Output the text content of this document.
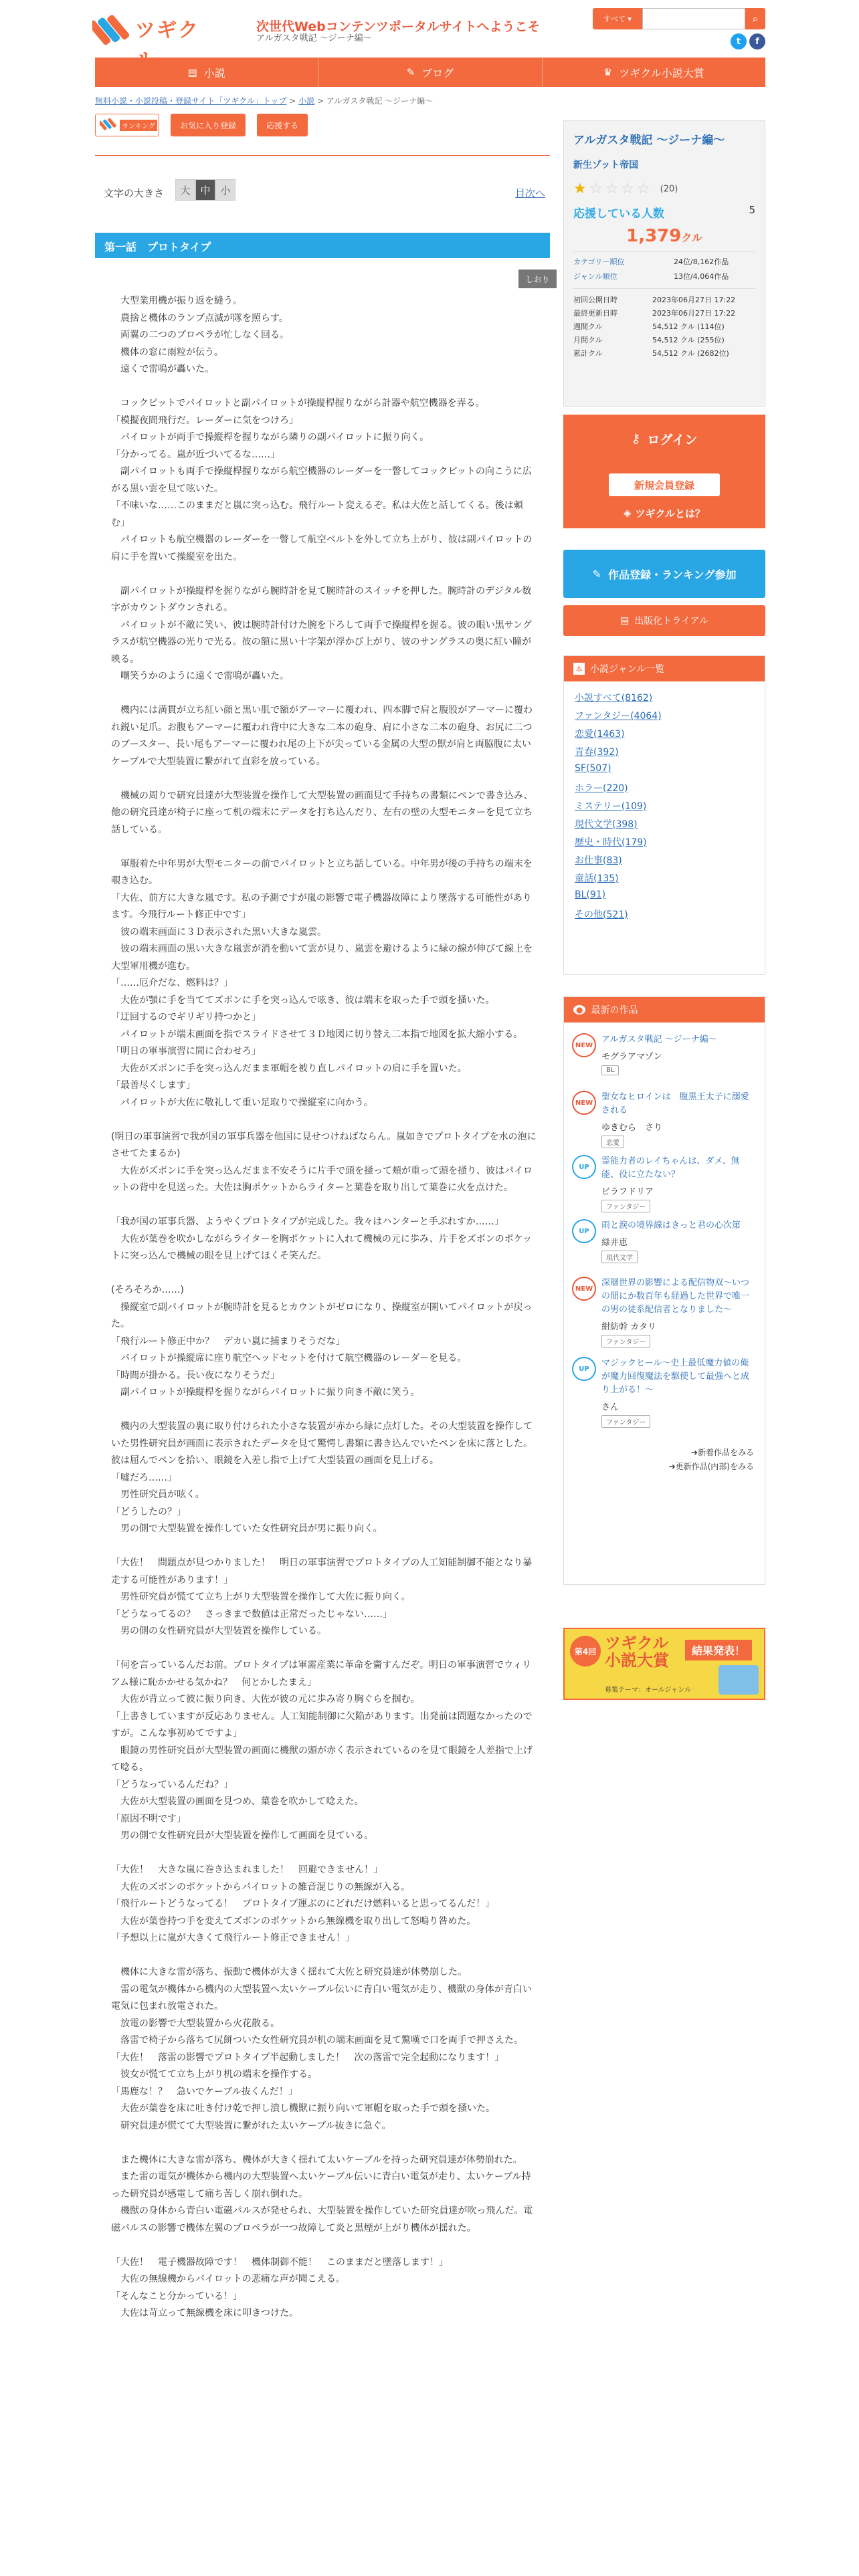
ツギク	次世代Webコンテンツポータルサイトへようこそ
アルガスタ戦記 〜ジーナ編〜
すべて ▾	⌕
t	f
▤ 小説	✎ ブログ	♛ ツギクル小説大賞
無料小説・小説投稿・登録サイト「ツギクル」トップ > 小説 > アルガスタ戦記 〜ジーナ編〜
ランキング	お気に入り登録	応援する
文字の大きさ	大 中 小	目次へ
第一話　プロトタイプ
しおり
　大型業用機が振り返を縫う。
　農捨と機体のランプ点滅が隊を照らす。
　両翼の二つのプロペラが忙しなく回る。
　機体の窓に雨粒が伝う。
　遠くで雷鳴が轟いた。

　コックピットでパイロットと副パイロットが操縦桿握りながら計器や航空機器を弄る。
「模擬夜間飛行だ。レーダーに気をつけろ」
　パイロットが両手で操縦桿を握りながら隣りの副パイロットに振り向く。
「分かってる。嵐が近づいてるな……」
　副パイロットも両手で操縦桿握りながら航空機器のレーダーを一瞥してコックピットの向こうに広がる黒い雲を見て呟いた。
「不味いな……このままだと嵐に突っ込む。飛行ルート変えるぞ。私は大佐と話してくる。後は頼む」
　パイロットも航空機器のレーダーを一瞥して航空ベルトを外して立ち上がり、彼は副パイロットの肩に手を置いて操縦室を出た。

　副パイロットが操縦桿を握りながら腕時計を見て腕時計のスイッチを押した。腕時計のデジタル数字がカウントダウンされる。
　パイロットが不敵に笑い、彼は腕時計付けた腕を下ろして両手で操縦桿を握る。彼の眼い黒サングラスが航空機器の光りで光る。彼の額に黒い十字架が浮かび上がり、彼のサングラスの奥に紅い瞳が映る。
　嘲笑うかのように遠くで雷鳴が轟いた。

　機内には満貫が立ち紅い顔と黒い肌で額がアーマーに覆われ、四本脚で肩と腹股がアーマーに覆われ鋭い足爪。お腹もアーマーに覆われ背中に大きな二本の砲身、肩に小さな二本の砲身、お尻に二つのブースター、長い尾もアーマーに覆われ尾の上下が尖っている金属の大型の獣が肩と両脇腹に太いケーブルで大型装置に繋がれて直彩を放っている。

　機械の周りで研究員達が大型装置を操作して大型装置の画面見て手持ちの書類にペンで書き込み、他の研究員達が椅子に座って机の端末にデータを打ち込んだり、左右の壁の大型モニターを見て立ち話している。

　軍服着た中年男が大型モニターの前でパイロットと立ち話している。中年男が後の手持ちの端末を覗き込む。
「大佐、前方に大きな嵐です。私の予測ですが嵐の影響で電子機器故障により墜落する可能性があります。今飛行ルート修正中です」
　彼の端末画面に３Ｄ表示された黒い大きな嵐雲。
　彼の端末画面の黒い大きな嵐雲が消を動いて雲が見り、嵐雲を避けるように緑の線が伸びて線上を大型軍用機が進む。
「……厄介だな、燃料は？」
　大佐が顎に手を当ててズボンに手を突っ込んで呟き、彼は端末を取った手で頭を掻いた。
「迂回するのでギリギリ持つかと」
　パイロットが端末画面を指でスライドさせて３Ｄ地図に切り替え二本指で地図を拡大縮小する。
「明日の軍事演習に間に合わせろ」
　大佐がズボンに手を突っ込んだまま軍帽を被り直しパイロットの肩に手を置いた。
「最善尽くします」
　パイロットが大佐に敬礼して重い足取りで操縦室に向かう。

(明日の軍事演習で我が国の軍事兵器を他国に見せつけねばならん。嵐如きでプロトタイプを水の泡にさせてたまるか)
　大佐がズボンに手を突っ込んだまま不安そうに片手で頭を掻って頬が重って頭を掻り、彼はパイロットの背中を見送った。大佐は胸ポケットからライターと葉巻を取り出して葉巻に火を点けた。

「我が国の軍事兵器、ようやくプロトタイプが完成した。我々はハンターと手ぶれすか……」
　大佐が葉巻を吹かしながらライターを胸ポケットに入れて機械の元に歩み、片手をズボンのポケットに突っ込んで機械の眼を見上げてほくそ笑んだ。

(そろそろか……)
　操縦室で副パイロットが腕時計を見るとカウントがゼロになり、操縦室が開いてパイロットが戻った。
「飛行ルート修正中か？　デカい嵐に捕まりそうだな」
　パイロットが操縦席に座り航空ヘッドセットを付けて航空機器のレーダーを見る。
「時間が掛かる。長い夜になりそうだ」
　副パイロットが操縦桿を握りながらパイロットに振り向き不敵に笑う。

　機内の大型装置の裏に取り付けられた小さな装置が赤から緑に点灯した。その大型装置を操作していた男性研究員が画面に表示されたデータを見て驚愕し書類に書き込んでいたペンを床に落とした。彼は屈んでペンを拾い、眼鏡を入差し指で上げて大型装置の画面を見上げる。
「嘘だろ……」
　男性研究員が呟く。
「どうしたの？」
　男の側で大型装置を操作していた女性研究員が男に振り向く。

「大佐！　問題点が見つかりました！　明日の軍事演習でプロトタイプの人工知能制御不能となり暴走する可能性があります！」
　男性研究員が慌てて立ち上がり大型装置を操作して大佐に振り向く。
「どうなってるの？　さっきまで数値は正常だったじゃない……」
　男の側の女性研究員が大型装置を操作している。

「何を言っているんだお前。プロトタイプは軍需産業に革命を齎すんだぞ。明日の軍事演習でウィリアム様に恥かかせる気かね？　何とかしたまえ」
　大佐が背立って彼に振り向き、大佐が彼の元に歩み寄り胸ぐらを掴む。
「上書きしていますが反応ありません。人工知能制御に欠陥があります。出発前は問題なかったのですが。こんな事初めてですよ」
　眼鏡の男性研究員が大型装置の画面に機獣の頭が赤く表示されているのを見て眼鏡を人差指で上げて唸る。
「どうなっているんだね？」
　大佐が大型装置の画面を見つめ、葉巻を吹かして唸えた。
「原因不明です」
　男の側で女性研究員が大型装置を操作して画面を見ている。

「大佐！　大きな嵐に巻き込まれました！　回避できません！」
　大佐のズボンのポケットからパイロットの雑音混じりの無線が入る。
「飛行ルートどうなってる！　プロトタイプ運ぶのにどれだけ燃料いると思ってるんだ！」
　大佐が葉巻持つ手を変えてズボンのポケットから無線機を取り出して怒鳴り咎めた。
「予想以上に嵐が大きくて飛行ルート修正できません！」

　機体に大きな雷が落ち、振動で機体が大きく揺れて大佐と研究員達が体勢崩した。
　雷の電気が機体から機内の大型装置へ太いケーブル伝いに青白い電気が走り、機獣の身体が青白い電気に包まれ放電された。
　放電の影響で大型装置から火花散る。
　落雷で椅子から落ちて尻餅ついた女性研究員が机の端末画面を見て驚嘆で口を両手で押さえた。
「大佐！　落雷の影響でプロトタイプ半起動しました！　次の落雷で完全起動になります！」
　彼女が慌てて立ち上がり机の端末を操作する。
「馬鹿な！？　急いでケーブル抜くんだ！」
　大佐が葉巻を床に吐き付け乾で押し潰し機獣に振り向いて軍帽を取った手で頭を掻いた。
　研究員達が慌てて大型装置に繋がれた太いケーブル抜きに急ぐ。

　また機体に大きな雷が落ち、機体が大きく揺れて太いケーブルを持った研究員達が体勢崩れた。
　また雷の電気が機体から機内の大型装置へ太いケーブル伝いに青白い電気が走り、太いケーブル持った研究員が感電して痛ち苦しく崩れ倒れた。
　機獣の身体から青白い電磁パルスが発せられ、大型装置を操作していた研究員達が吹っ飛んだ。電磁パルスの影響で機体左翼のプロペラが一つ故障して炎と黒煙が上がり機体が揺れた。

「大佐！　電子機器故障です！　機体制御不能！　このままだと墜落します！」
　大佐の無線機からパイロットの悲痛な声が聞こえる。
「そんなこと分かっている！」
　大佐は苛立って無線機を床に叩きつけた。
アルガスタ戦記 〜ジーナ編〜
新生ゾット帝国
★☆☆☆☆ (20)
応援している人数	5
1,379クル
カテゴリー順位	24位/8,162作品
ジャンル順位	13位/4,064作品
初回公開日時	2023年06月27日 17:22
最終更新日時	2023年06月27日 17:22
週間クル	54,512 クル (114位)
月間クル	54,512 クル (255位)
累計クル	54,512 クル (2682位)
⚷ ログイン
新規会員登録
◈ ツギクルとは？
✎ 作品登録・ランキング参加
▤ 出版化トライアル
本 小説ジャンル一覧
小説すべて(8162)
ファンタジー(4064)
恋愛(1463)
青春(392)
SF(507)
ホラー(220)
ミステリー(109)
現代文学(398)
歴史・時代(179)
お仕事(83)
童話(135)
BL(91)
その他(521)
● 最新の作品
NEW
アルガスタ戦記 〜ジーナ編〜
モグラアマゾン
BL
NEW
聖女なヒロインは　腹黒王太子に溺愛される
ゆきむら　さり
恋愛
UP
霊能力者のレイちゃんは、ダメ、無能、役に立たない？
ビラフドリア
ファンタジー
UP
雨と涙の境界線はきっと君の心次第
緑井恵
現代文学
NEW
深層世界の影響による配信物双〜いつの間にか数百年も経過した世界で唯一の男の徒系配信者となりました〜
紺紡幹 カタリ
ファンタジー
UP
マジックヒール〜史上最低魔力値の俺が魔力回復魔法を駆使して最強へと成り上がる！〜
さん
ファンタジー
➔新着作品をみる
➔更新作品(内部)をみる
第4回 ツギクル
小説大賞
結果発表！
募集テーマ：オールジャンル
